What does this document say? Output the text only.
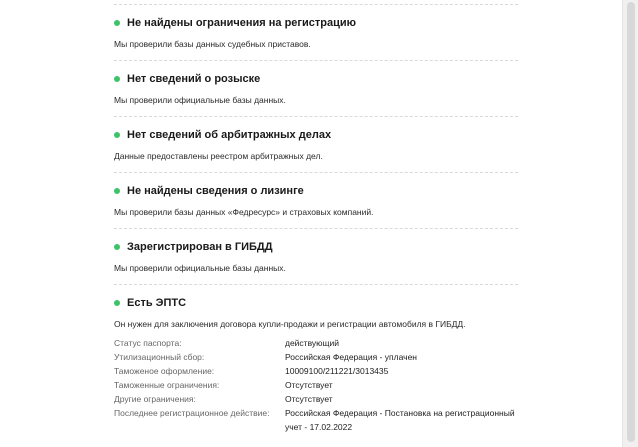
Не найдены ограничения на регистрацию
Мы проверили базы данных судебных приставов.
Нет сведений о розыске
Мы проверили официальные базы данных.
Нет сведений об арбитражных делах
Данные предоставлены реестром арбитражных дел.
Не найдены сведения о лизинге
Мы проверили базы данных «Федресурс» и страховых компаний.
Зарегистрирован в ГИБДД
Мы проверили официальные базы данных.
Есть ЭПТС
Он нужен для заключения договора купли-продажи и регистрации автомобиля в ГИБДД.
Статус паспорта:	действующий
Утилизационный сбор:	Российская Федерация - уплачен
Таможеное оформление:	10009100/211221/3013435
Таможенные ограничения:	Отсутствует
Другие ограничения:	Отсутствует
Последнее регистрационное действие:	Российская Федерация - Постановка на регистрационный учет - 17.02.2022
